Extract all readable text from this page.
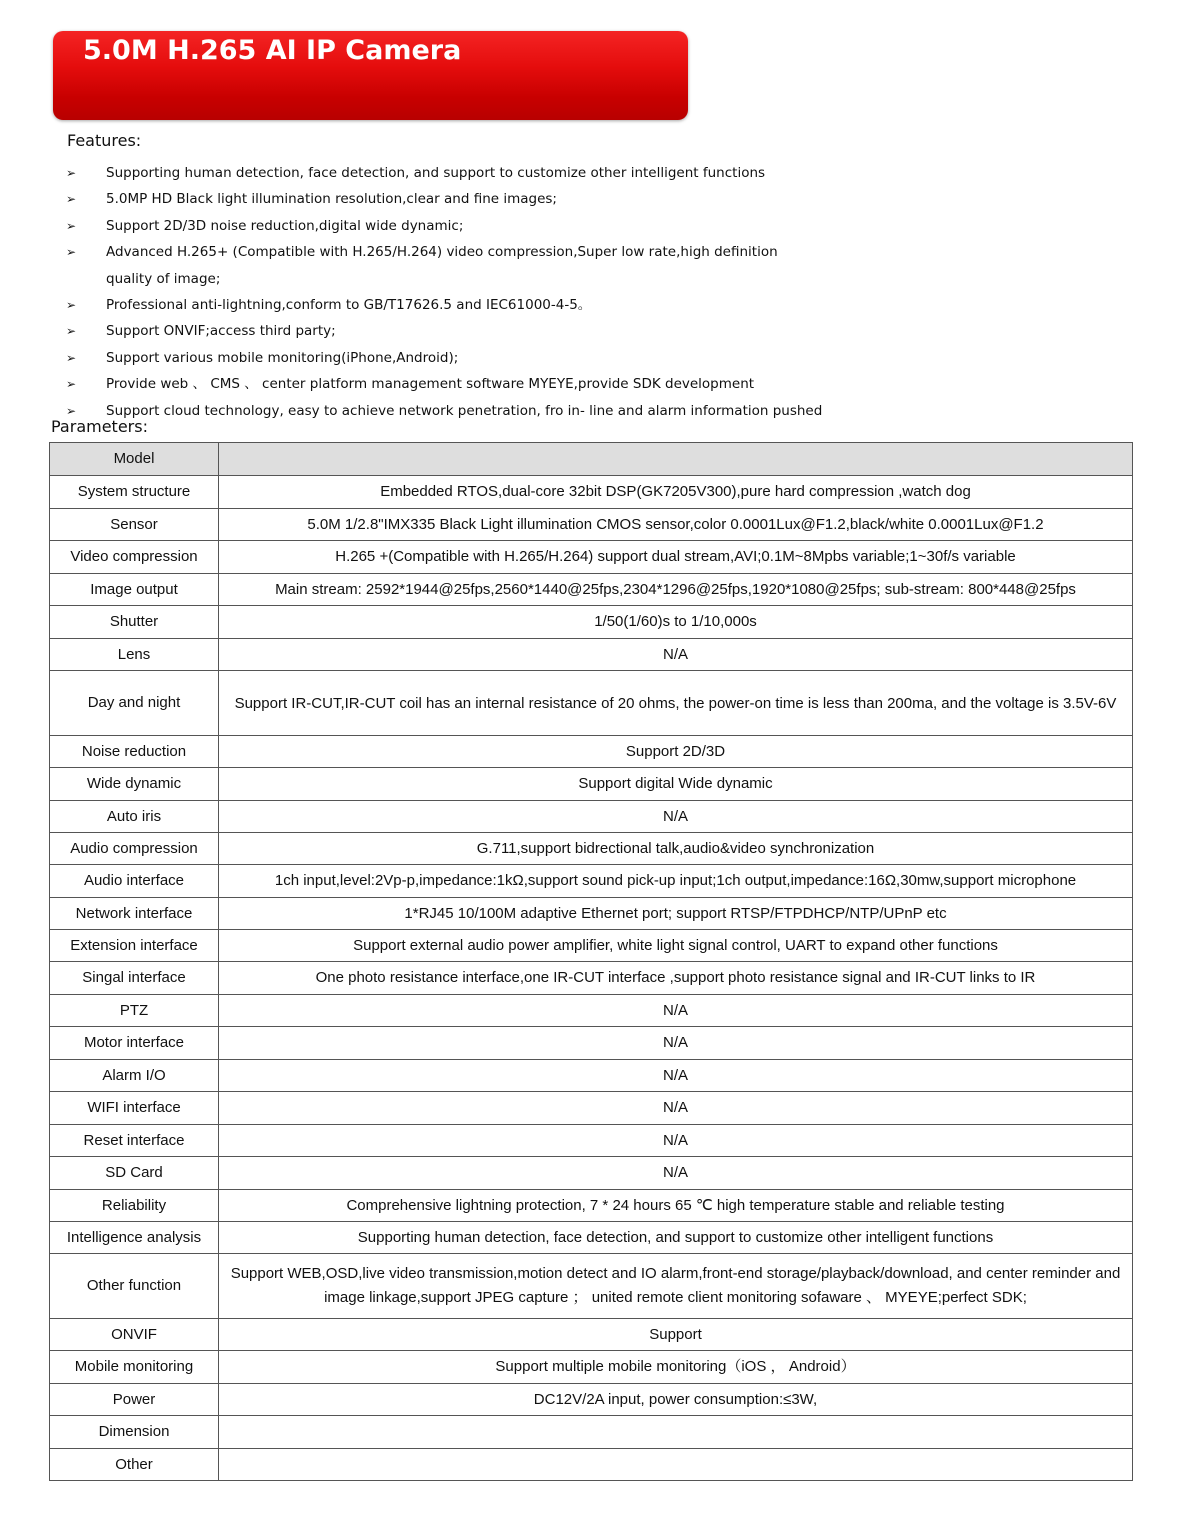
5.0M H.265 AI IP Camera
Features:
➢ Supporting human detection, face detection, and support to customize other intelligent functions
➢ 5.0MP HD Black light illumination resolution,clear and fine images;
➢ Support 2D/3D noise reduction,digital wide dynamic;
➢ Advanced H.265+ (Compatible with H.265/H.264) video compression,Super low rate,high definition quality of image;
➢ Professional anti-lightning,conform to GB/T17626.5 and IEC61000-4-5。
➢ Support ONVIF;access third party;
➢ Support various mobile monitoring(iPhone,Android);
➢ Provide web 、 CMS 、 center platform management software MYEYE,provide SDK development
➢ Support cloud technology, easy to achieve network penetration, fro in- line and alarm information pushed
Parameters:
Model	
System structure	Embedded RTOS,dual-core 32bit DSP(GK7205V300),pure hard compression ,watch dog
Sensor	5.0M 1/2.8"IMX335 Black Light illumination CMOS sensor,color 0.0001Lux@F1.2,black/white 0.0001Lux@F1.2
Video compression	H.265 +(Compatible with H.265/H.264) support dual stream,AVI;0.1M~8Mpbs variable;1~30f/s variable
Image output	Main stream: 2592*1944@25fps,2560*1440@25fps,2304*1296@25fps,1920*1080@25fps; sub-stream: 800*448@25fps
Shutter	1/50(1/60)s to 1/10,000s
Lens	N/A
Day and night	Support IR-CUT,IR-CUT coil has an internal resistance of 20 ohms, the power-on time is less than 200ma, and the voltage is 3.5V-6V
Noise reduction	Support 2D/3D
Wide dynamic	Support digital Wide dynamic
Auto iris	N/A
Audio compression	G.711,support bidrectional talk,audio&video synchronization
Audio interface	1ch input,level:2Vp-p,impedance:1kΩ,support sound pick-up input;1ch output,impedance:16Ω,30mw,support microphone
Network interface	1*RJ45 10/100M adaptive Ethernet port; support RTSP/FTPDHCP/NTP/UPnP etc
Extension interface	Support external audio power amplifier, white light signal control, UART to expand other functions
Singal interface	One photo resistance interface,one IR-CUT interface ,support photo resistance signal and IR-CUT links to IR
PTZ	N/A
Motor interface	N/A
Alarm I/O	N/A
WIFI interface	N/A
Reset interface	N/A
SD Card	N/A
Reliability	Comprehensive lightning protection, 7 * 24 hours 65 ℃ high temperature stable and reliable testing
Intelligence analysis	Supporting human detection, face detection, and support to customize other intelligent functions
Other function	Support WEB,OSD,live video transmission,motion detect and IO alarm,front-end storage/playback/download, and center reminder and image linkage,support JPEG capture ； united remote client monitoring sofaware 、 MYEYE;perfect SDK;
ONVIF	Support
Mobile monitoring	Support multiple mobile monitoring（iOS ， Android）
Power	DC12V/2A input, power consumption:≤3W,
Dimension	
Other	
